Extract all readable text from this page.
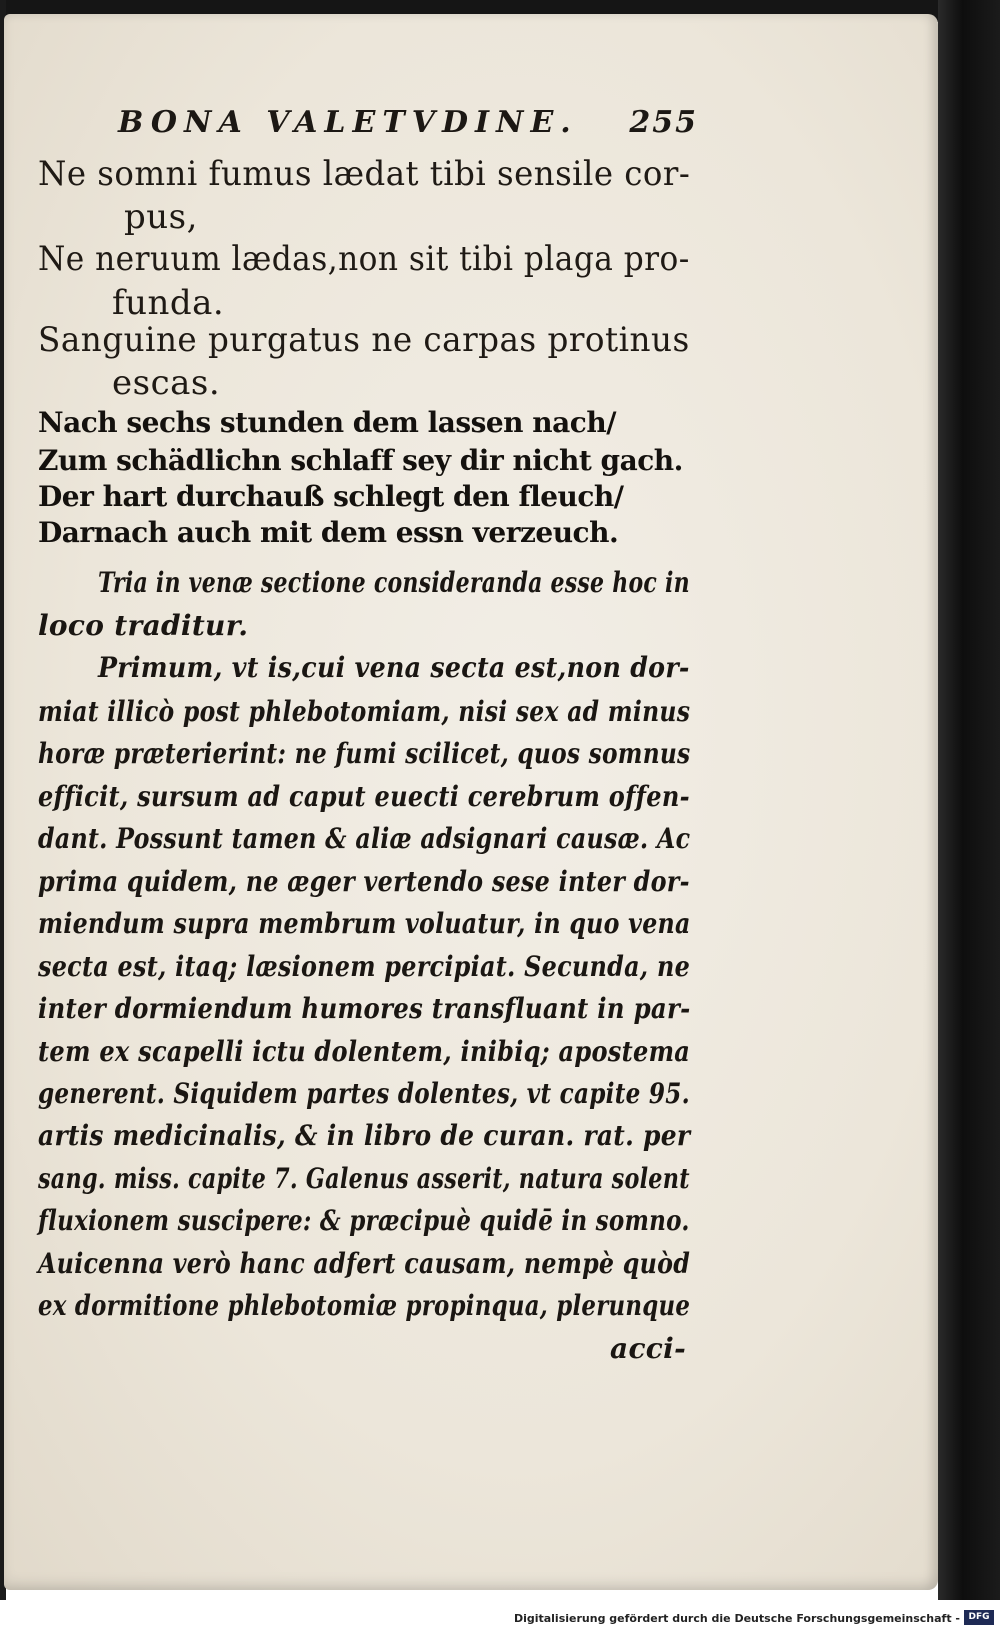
BONA VALETVDINE. 255
Ne somni fumus lædat tibi sensile cor-
pus,
Ne neruum lædas,non sit tibi plaga pro-
funda.
Sanguine purgatus ne carpas protinus
escas.
Nach sechs stunden dem lassen nach/
Zum schädlichn schlaff sey dir nicht gach.
Der hart durchauß schlegt den fleuch/
Darnach auch mit dem essn verzeuch.
Tria in venæ sectione consideranda esse hoc in
loco traditur.
Primum, vt is,cui vena secta est,non dor-
miat illicò post phlebotomiam, nisi sex ad minus
horæ præterierint: ne fumi scilicet, quos somnus
efficit, sursum ad caput euecti cerebrum offen-
dant. Possunt tamen & aliæ adsignari causæ. Ac
prima quidem, ne æger vertendo sese inter dor-
miendum supra membrum voluatur, in quo vena
secta est, itaq; læsionem percipiat. Secunda, ne
inter dormiendum humores transfluant in par-
tem ex scapelli ictu dolentem, inibiq; apostema
generent. Siquidem partes dolentes, vt capite 95.
artis medicinalis, & in libro de curan. rat. per
sang. miss. capite 7. Galenus asserit, natura solent
fluxionem suscipere: & præcipuè quidē in somno.
Auicenna verò hanc adfert causam, nempè quòd
ex dormitione phlebotomiæ propinqua, plerunque
acci-
Digitalisierung gefördert durch die Deutsche Forschungsgemeinschaft - DFG
